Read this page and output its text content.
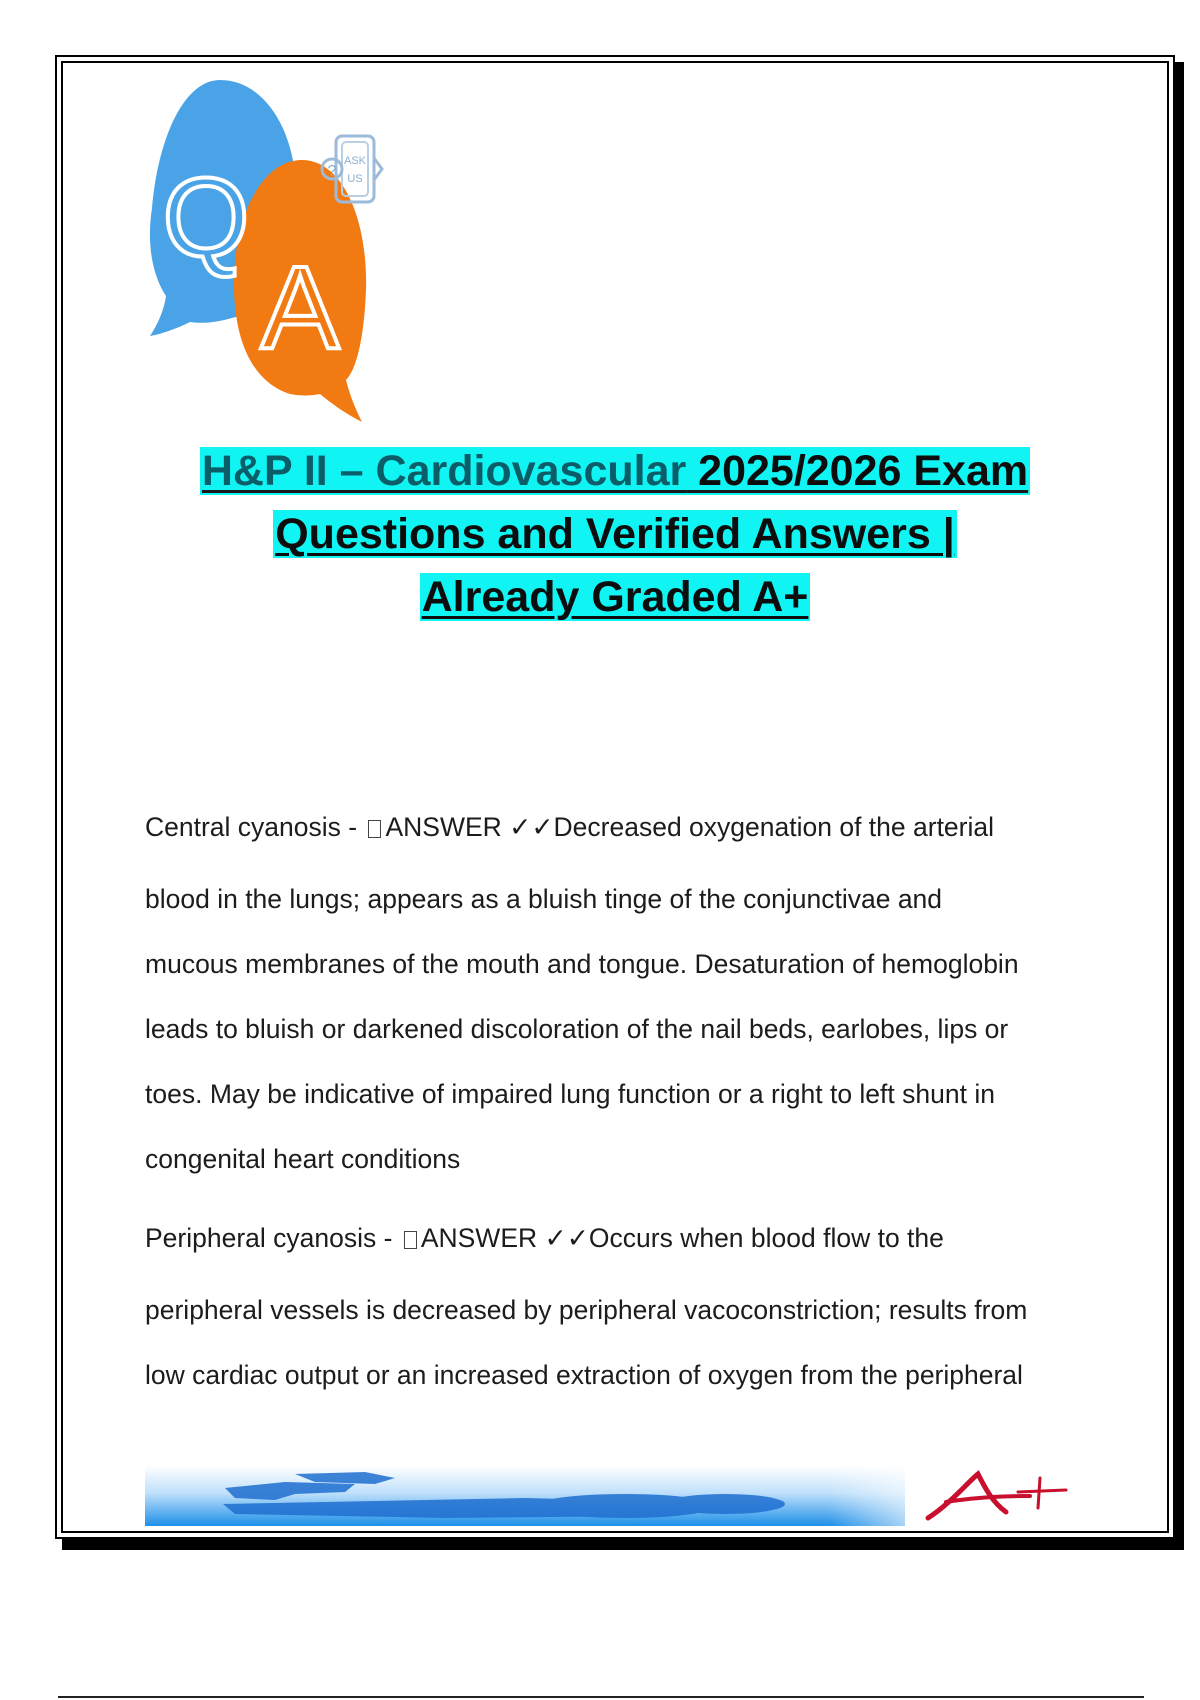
Q
A
?
ASK
US
H&P II – Cardiovascular 2025/2026 Exam
Questions and Verified Answers |
Already Graded A+
Central cyanosis - ANSWER ✓✓Decreased oxygenation of the arterial
blood in the lungs; appears as a bluish tinge of the conjunctivae and
mucous membranes of the mouth and tongue. Desaturation of hemoglobin
leads to bluish or darkened discoloration of the nail beds, earlobes, lips or
toes. May be indicative of impaired lung function or a right to left shunt in
congenital heart conditions
Peripheral cyanosis - ANSWER ✓✓Occurs when blood flow to the
peripheral vessels is decreased by peripheral vacoconstriction; results from
low cardiac output or an increased extraction of oxygen from the peripheral
